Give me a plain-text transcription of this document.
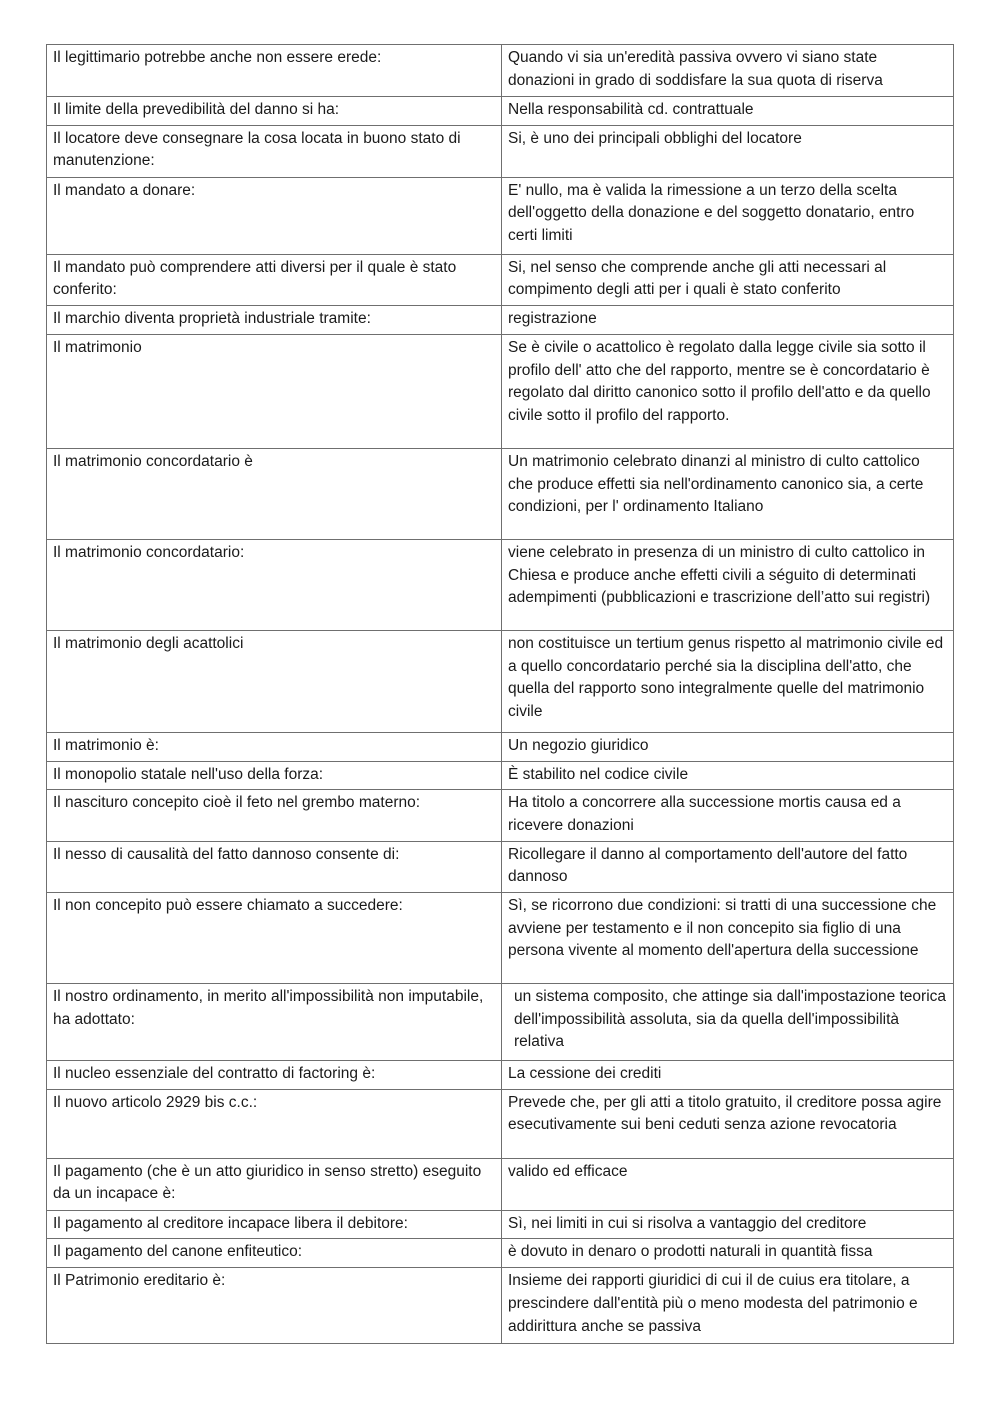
Il legittimario potrebbe anche non essere erede:	Quando vi sia un'eredità passiva ovvero vi siano state donazioni in grado di soddisfare la sua quota di riserva
Il limite della prevedibilità del danno si ha:	Nella responsabilità cd. contrattuale
Il locatore deve consegnare la cosa locata in buono stato di manutenzione:	Si, è uno dei principali obblighi del locatore
Il mandato a donare:	E' nullo, ma è valida la rimessione a un terzo della scelta dell'oggetto della donazione e del soggetto donatario, entro certi limiti
Il mandato può comprendere atti diversi per il quale è stato conferito:	Si, nel senso che comprende anche gli atti necessari al compimento degli atti per i quali è stato conferito
Il marchio diventa proprietà industriale tramite:	registrazione
Il matrimonio	Se è civile o acattolico è regolato dalla legge civile sia sotto il profilo dell' atto che del rapporto, mentre se è concordatario è regolato dal diritto canonico sotto il profilo dell'atto e da quello civile sotto il profilo del rapporto.
Il matrimonio concordatario è	Un matrimonio celebrato dinanzi al ministro di culto cattolico che produce effetti sia nell'ordinamento canonico sia, a certe condizioni, per l' ordinamento Italiano
Il matrimonio concordatario:	viene celebrato in presenza di un ministro di culto cattolico in Chiesa e produce anche effetti civili a séguito di determinati adempimenti (pubblicazioni e trascrizione dell’atto sui registri)
Il matrimonio degli acattolici	non costituisce un tertium genus rispetto al matrimonio civile ed a quello concordatario perché sia la disciplina dell'atto, che quella del rapporto sono integralmente quelle del matrimonio civile
Il matrimonio è:	Un negozio giuridico
Il monopolio statale nell'uso della forza:	È stabilito nel codice civile
Il nascituro concepito cioè il feto nel grembo materno:	Ha titolo a concorrere alla successione mortis causa ed a ricevere donazioni
Il nesso di causalità del fatto dannoso consente di:	Ricollegare il danno al comportamento dell'autore del fatto dannoso
Il non concepito può essere chiamato a succedere:	Sì, se ricorrono due condizioni: si tratti di una successione che avviene per testamento e il non concepito sia figlio di una persona vivente al momento dell'apertura della successione
Il nostro ordinamento, in merito all'impossibilità non imputabile, ha adottato:	un sistema composito, che attinge sia dall'impostazione teorica dell'impossibilità assoluta, sia da quella dell'impossibilità relativa
Il nucleo essenziale del contratto di factoring è:	La cessione dei crediti
Il nuovo articolo 2929 bis c.c.:	Prevede che, per gli atti a titolo gratuito, il creditore possa agire esecutivamente sui beni ceduti senza azione revocatoria
Il pagamento (che è un atto giuridico in senso stretto) eseguito da un incapace è:	valido ed efficace
Il pagamento al creditore incapace libera il debitore:	Sì, nei limiti in cui si risolva a vantaggio del creditore
Il pagamento del canone enfiteutico:	è dovuto in denaro o prodotti naturali in quantità fissa
Il Patrimonio ereditario è:	Insieme dei rapporti giuridici di cui il de cuius era titolare, a prescindere dall'entità più o meno modesta del patrimonio e addirittura anche se passiva
